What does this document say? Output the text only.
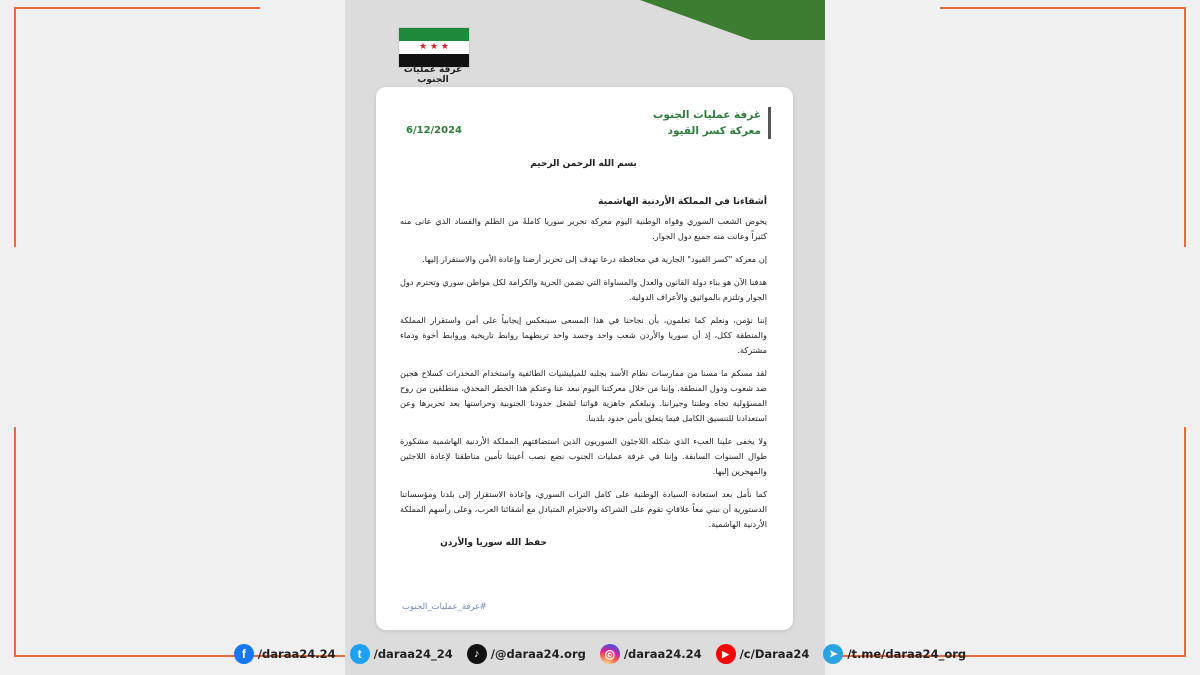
★ ★ ★
غرفة عمليات الجنوب
غرفة عمليات الجنوب
معركة كسر القيود
6/12/2024

بسم الله الرحمن الرحيم

أشقاءنا في المملكة الأردنية الهاشمية

يخوض الشعب السوري وقواه الوطنية اليوم معركة تحرير سوريا كاملةً من الظلم والفساد الذي عانى منه كثيراً وعانت منه جميع دول الجوار.

إن معركة "كسر القيود" الجارية في محافظة درعا تهدف إلى تحرير أرضنا وإعادة الأمن والاستقرار إليها.

هدفنا الآن هو بناء دولة القانون والعدل والمساواة التي تضمن الحرية والكرامة لكل مواطن سوري وتحترم دول الجوار وتلتزم بالمواثيق والأعراف الدولية.

إننا نؤمن، ونعلم كما تعلمون، بأن نجاحنا في هذا المسعى سينعكس إيجابياً على أمن واستقرار المملكة والمنطقة ككل، إذ أن سوريا والأردن شعب واحد وجسد واحد تربطهما روابط تاريخية وروابط أخوة ودماء مشتركة.

لقد مسكم ما مسنا من ممارسات نظام الأسد بجلبه للميليشيات الطائفية واستخدام المخدرات كسلاح هجين ضد شعوب ودول المنطقة. وإننا من خلال معركتنا اليوم نبعد عنا وعنكم هذا الخطر المحدق، منطلقين من روح المسؤولية تجاه وطننا وجيراننا. ونبلغكم جاهزية قواتنا لشغل حدودنا الجنوبية وحراستها بعد تحريرها وعن استعدادنا للتنسيق الكامل فيما يتعلق بأمن حدود بلدينا.

ولا يخفى علينا العبء الذي شكله اللاجئون السوريون الذين استضافتهم المملكة الأردنية الهاشمية مشكورة طوال السنوات السابقة. وإننا في غرفة عمليات الجنوب نضع نصب أعيننا تأمين مناطقنا لإعادة اللاجئين والمهجرين إليها.

كما نأمل بعد استعادة السيادة الوطنية على كامل التراب السوري، وإعادة الاستقرار إلى بلدنا ومؤسساتنا الدستورية أن نبني معاً علاقاتٍ تقوم على الشراكة والاحترام المتبادل مع أشقائنا العرب، وعلى رأسهم المملكة الأردنية الهاشمية.

حفظ الله سوريا والأردن

#غرفة_عمليات_الجنوب
f	/daraa24.24	t	/daraa24_24	♪ /@daraa24.org	◎ /daraa24.24	▶ /c/Daraa24	➤ /t.me/daraa24_org
